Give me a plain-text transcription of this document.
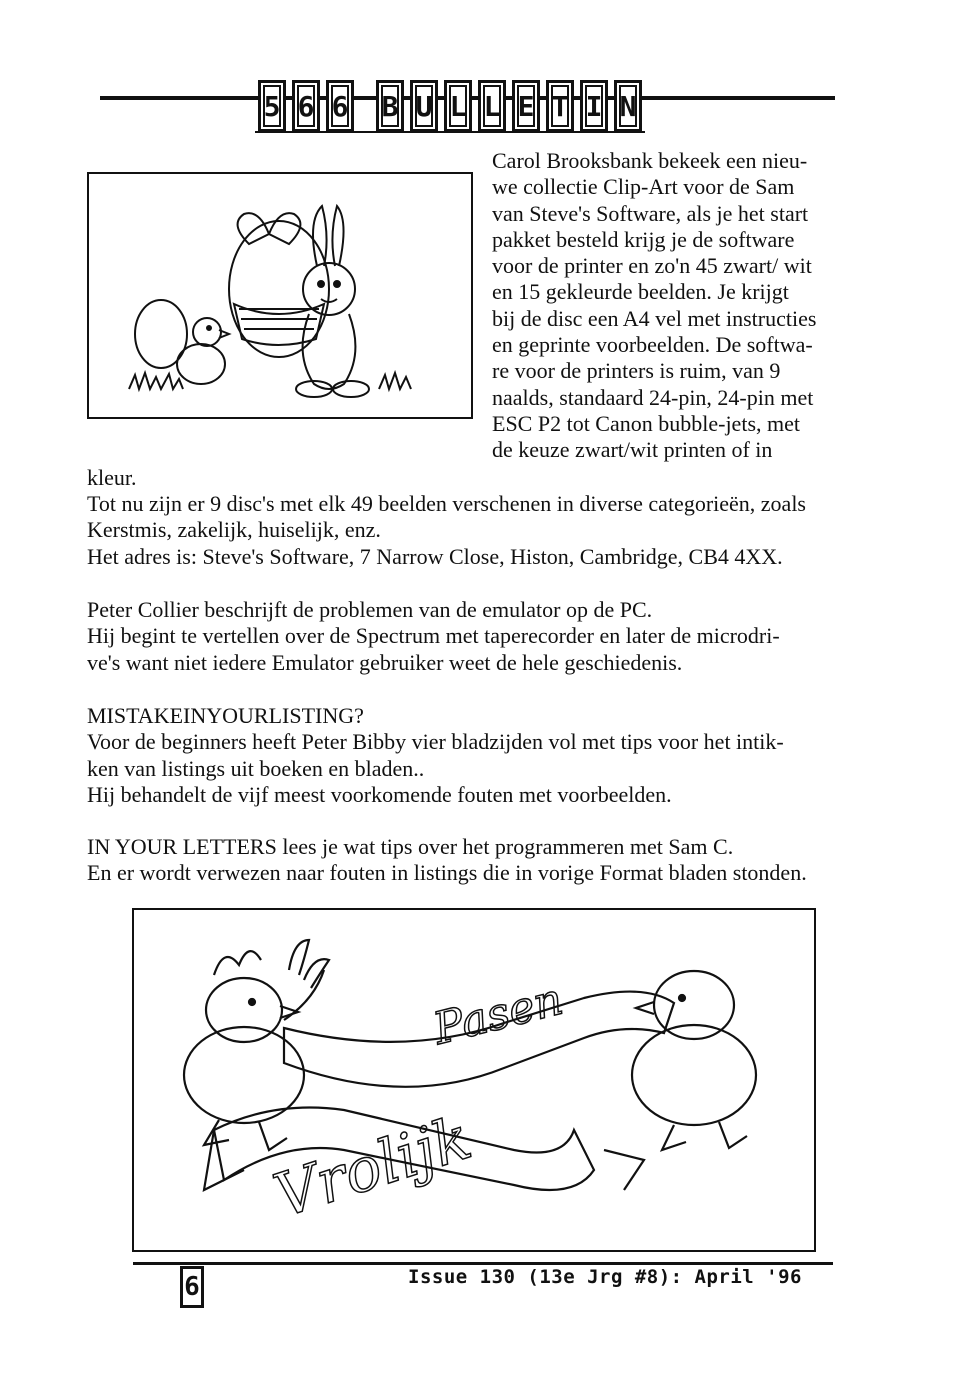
5 6 6 B U L L E T I N
Carol Brooksbank bekeek een nieu-
we collectie Clip-Art voor de Sam
van Steve's Software, als je het start
pakket besteld krijg je de software
voor de printer en zo'n 45 zwart/ wit
en 15 gekleurde beelden. Je krijgt
bij de disc een A4 vel met instructies
en geprinte voorbeelden. De softwa-
re voor de printers is ruim, van 9
naalds, standaard 24-pin, 24-pin met
ESC P2 tot Canon bubble-jets, met
de keuze zwart/wit printen of in
kleur.
Tot nu zijn er 9 disc's met elk 49 beelden verschenen in diverse categorieën, zoals
Kerstmis, zakelijk, huiselijk, enz.
Het adres is: Steve's Software, 7 Narrow Close, Histon, Cambridge, CB4 4XX.
Peter Collier beschrijft de problemen van de emulator op de PC.
Hij begint te vertellen over de Spectrum met taperecorder en later de microdri-
ve's want niet iedere Emulator gebruiker weet de hele geschiedenis.
MISTAKEINYOURLISTING?
Voor de beginners heeft Peter Bibby vier bladzijden vol met tips voor het intik-
ken van listings uit boeken en bladen..
Hij behandelt de vijf meest voorkomende fouten met voorbeelden.
IN YOUR LETTERS lees je wat tips over het programmeren met Sam C.
En er wordt verwezen naar fouten in listings die in vorige Format bladen stonden.
Pasen
Vrolijk
6	Issue 130 (13e Jrg #8): April '96
